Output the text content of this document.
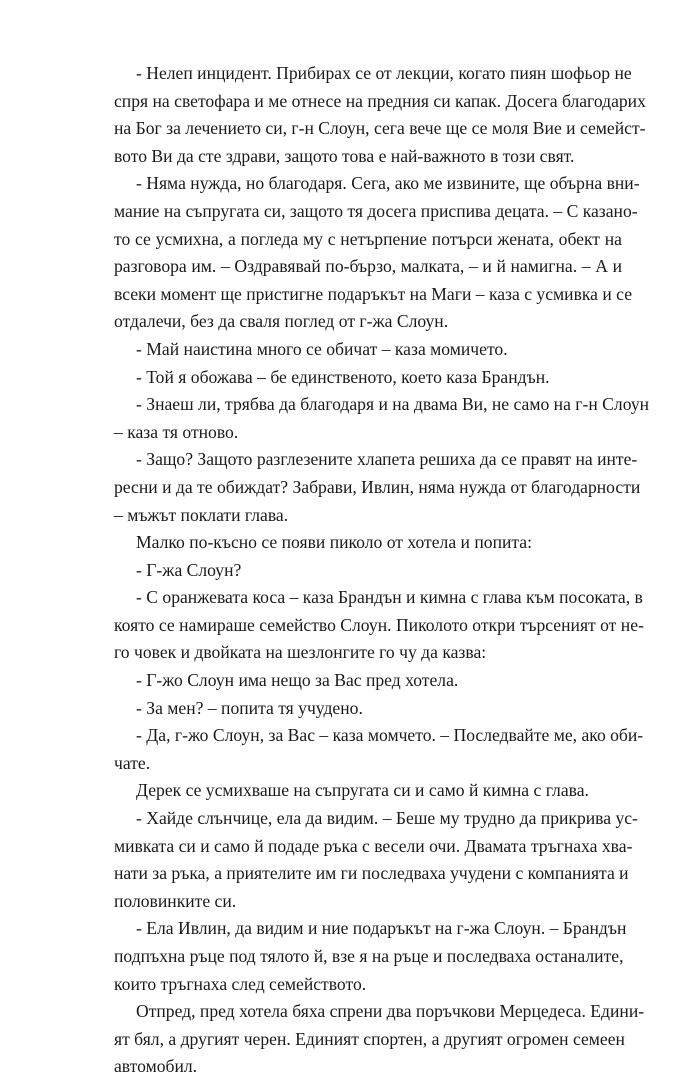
- Нелеп инцидент. Прибирах се от лекции, когато пиян шофьор не
спря на светофара и ме отнесе на предния си капак. Досега благодарих
на Бог за лечението си, г-н Слоун, сега вече ще се моля Вие и семейст-
вото Ви да сте здрави, защото това е най-важното в този свят.
- Няма нужда, но благодаря. Сега, ако ме извините, ще обърна вни-
мание на съпругата си, защото тя досега приспива децата. – С казано-
то се усмихна, а погледа му с нетърпение потърси жената, обект на
разговора им. – Оздравявай по-бързо, малката, – и й намигна. – А и
всеки момент ще пристигне подаръкът на Маги – каза с усмивка и се
отдалечи, без да сваля поглед от г-жа Слоун.
- Май наистина много се обичат – каза момичето.
- Той я обожава – бе единственото, което каза Брандън.
- Знаеш ли, трябва да благодаря и на двама Ви, не само на г-н Слоун
– каза тя отново.
- Защо? Защото разглезените хлапета решиха да се правят на инте-
ресни и да те обиждат? Забрави, Ивлин, няма нужда от благодарности
– мъжът поклати глава.
Малко по-късно се появи пиколо от хотела и попита:
- Г-жа Слоун?
- С оранжевата коса – каза Брандън и кимна с глава към посоката, в
която се намираше семейство Слоун. Пиколото откри търсеният от не-
го човек и двойката на шезлонгите го чу да казва:
- Г-жо Слоун има нещо за Вас пред хотела.
- За мен? – попита тя учудено.
- Да, г-жо Слоун, за Вас – каза момчето. – Последвайте ме, ако оби-
чате.
Дерек се усмихваше на съпругата си и само й кимна с глава.
- Хайде слънчице, ела да видим. – Беше му трудно да прикрива ус-
мивката си и само й подаде ръка с весели очи. Двамата тръгнаха хва-
нати за ръка, а приятелите им ги последваха учудени с компанията и
половинките си.
- Ела Ивлин, да видим и ние подаръкът на г-жа Слоун. – Брандън
подпъхна ръце под тялото й, взе я на ръце и последваха останалите,
които тръгнаха след семейството.
Отпред, пред хотела бяха спрени два поръчкови Мерцедеса. Едини-
ят бял, а другият черен. Единият спортен, а другият огромен семеен
автомобил.
